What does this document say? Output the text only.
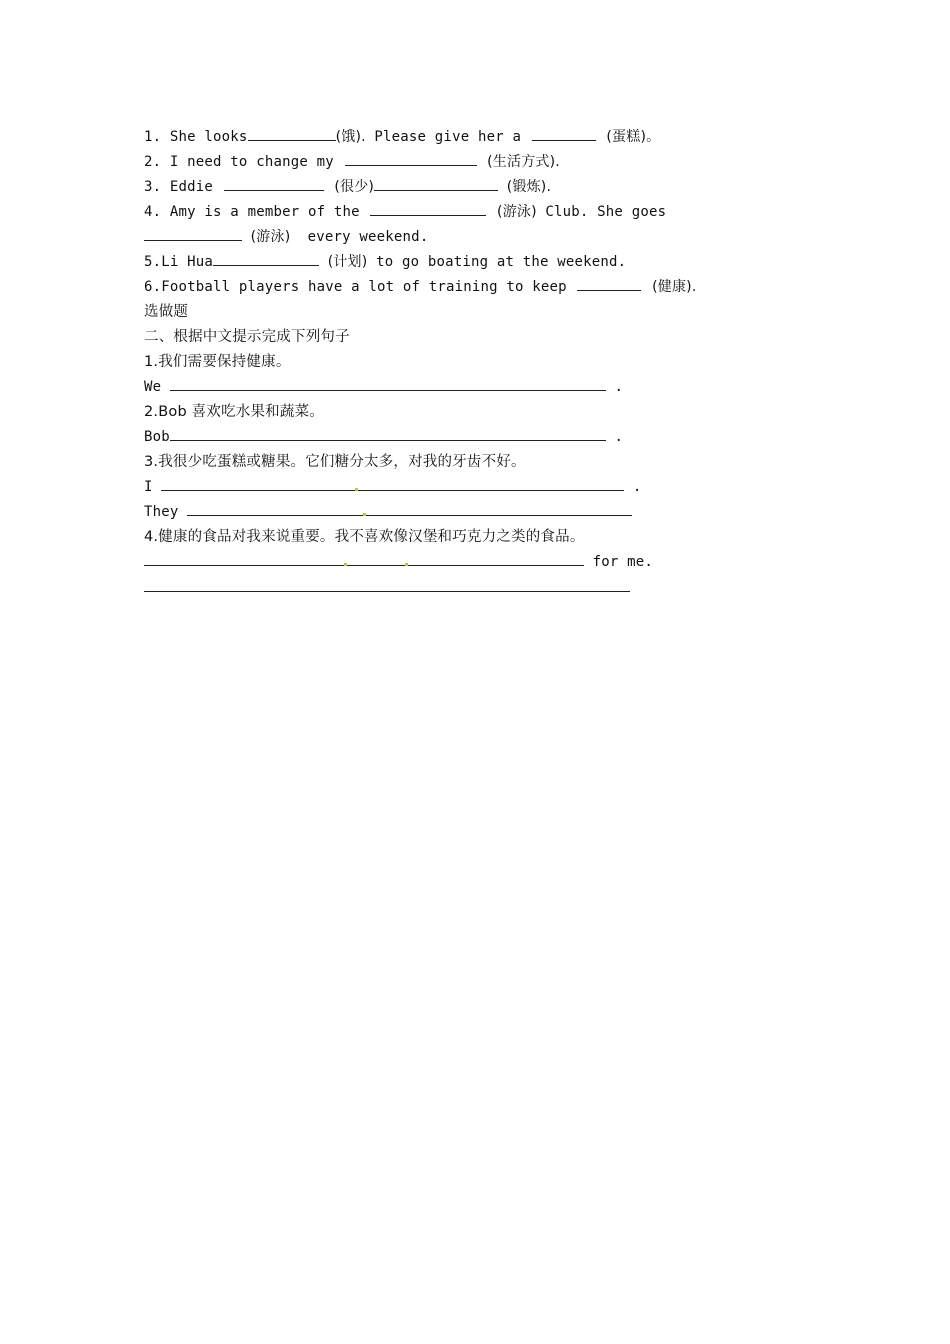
1. She looks	(饿). Please give her a	(蛋糕)。
2. I need to change my	(生活方式).
3. Eddie	(很少)	(锻炼).
4. Amy is a member of the	(游泳) Club. She goes
(游泳) every weekend.
5.Li Hua	(计划) to go boating at the weekend.
6.Football players have a lot of training to keep	(健康).
选做题
二、根据中文提示完成下列句子
1.我们需要保持健康。
We	.
2.Bob 喜欢吃水果和蔬菜。
Bob	.
3.我很少吃蛋糕或糖果。它们糖分太多，对我的牙齿不好。
I	.
They
4.健康的食品对我来说重要。我不喜欢像汉堡和巧克力之类的食品。
for me.
